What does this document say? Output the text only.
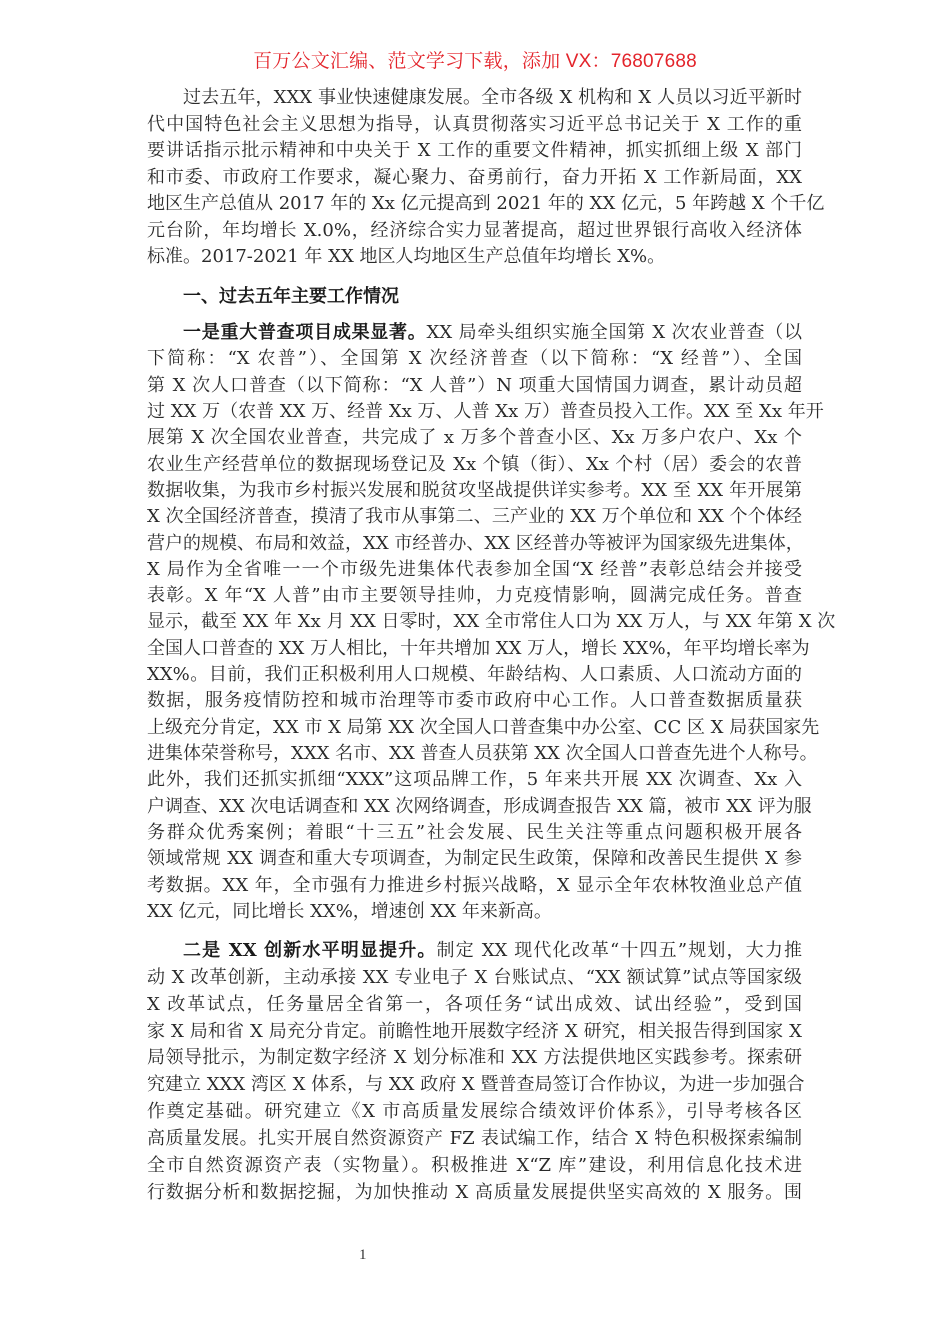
百万公文汇编、范文学习下载，添加 VX：76807688
过去五年，XXX 事业快速健康发展。全市各级 X 机构和 X 人员以习近平新时
代中国特色社会主义思想为指导，认真贯彻落实习近平总书记关于 X 工作的重
要讲话指示批示精神和中央关于 X 工作的重要文件精神，抓实抓细上级 X 部门
和市委、市政府工作要求，凝心聚力、奋勇前行，奋力开拓 X 工作新局面，XX
地区生产总值从 2017 年的 Xx 亿元提高到 2021 年的 XX 亿元，5 年跨越 X 个千亿
元台阶，年均增长 X.0%，经济综合实力显著提高，超过世界银行高收入经济体
标准。2017-2021 年 XX 地区人均地区生产总值年均增长 X%。
一、过去五年主要工作情况
一是重大普查项目成果显著。XX 局牵头组织实施全国第 X 次农业普查（以
下简称：“X 农普”）、全国第 X 次经济普查（以下简称：“X 经普”）、全国
第 X 次人口普查（以下简称：“X 人普”）N 项重大国情国力调查，累计动员超
过 XX 万（农普 XX 万、经普 Xx 万、人普 Xx 万）普查员投入工作。XX 至 Xx 年开
展第 X 次全国农业普查，共完成了 x 万多个普查小区、Xx 万多户农户、Xx 个
农业生产经营单位的数据现场登记及 Xx 个镇（街）、Xx 个村（居）委会的农普
数据收集，为我市乡村振兴发展和脱贫攻坚战提供详实参考。XX 至 XX 年开展第
X 次全国经济普查，摸清了我市从事第二、三产业的 XX 万个单位和 XX 个个体经
营户的规模、布局和效益，XX 市经普办、XX 区经普办等被评为国家级先进集体，
X 局作为全省唯一一个市级先进集体代表参加全国“X 经普”表彰总结会并接受
表彰。X 年“X 人普”由市主要领导挂帅，力克疫情影响，圆满完成任务。普查
显示，截至 XX 年 Xx 月 XX 日零时，XX 全市常住人口为 XX 万人，与 XX 年第 X 次
全国人口普查的 XX 万人相比，十年共增加 XX 万人，增长 XX%，年平均增长率为
XX%。目前，我们正积极利用人口规模、年龄结构、人口素质、人口流动方面的
数据，服务疫情防控和城市治理等市委市政府中心工作。人口普查数据质量获
上级充分肯定，XX 市 X 局第 XX 次全国人口普查集中办公室、CC 区 X 局获国家先
进集体荣誉称号，XXX 名市、XX 普查人员获第 XX 次全国人口普查先进个人称号。
此外，我们还抓实抓细“XXX”这项品牌工作，5 年来共开展 XX 次调查、Xx 入
户调查、XX 次电话调查和 XX 次网络调查，形成调查报告 XX 篇，被市 XX 评为服
务群众优秀案例；着眼“十三五”社会发展、民生关注等重点问题积极开展各
领域常规 XX 调查和重大专项调查，为制定民生政策，保障和改善民生提供 X 参
考数据。XX 年，全市强有力推进乡村振兴战略，X 显示全年农林牧渔业总产值
XX 亿元，同比增长 XX%，增速创 XX 年来新高。
二是 XX 创新水平明显提升。制定 XX 现代化改革“十四五”规划，大力推
动 X 改革创新，主动承接 XX 专业电子 X 台账试点、“XX 额试算”试点等国家级
X 改革试点，任务量居全省第一，各项任务“试出成效、试出经验”，受到国
家 X 局和省 X 局充分肯定。前瞻性地开展数字经济 X 研究，相关报告得到国家 X
局领导批示，为制定数字经济 X 划分标准和 XX 方法提供地区实践参考。探索研
究建立 XXX 湾区 X 体系，与 XX 政府 X 暨普查局签订合作协议，为进一步加强合
作奠定基础。研究建立《X 市高质量发展综合绩效评价体系》，引导考核各区
高质量发展。扎实开展自然资源资产 FZ 表试编工作，结合 X 特色积极探索编制
全市自然资源资产表（实物量）。积极推进 X“Z 库”建设，利用信息化技术进
行数据分析和数据挖掘，为加快推动 X 高质量发展提供坚实高效的 X 服务。围
1
